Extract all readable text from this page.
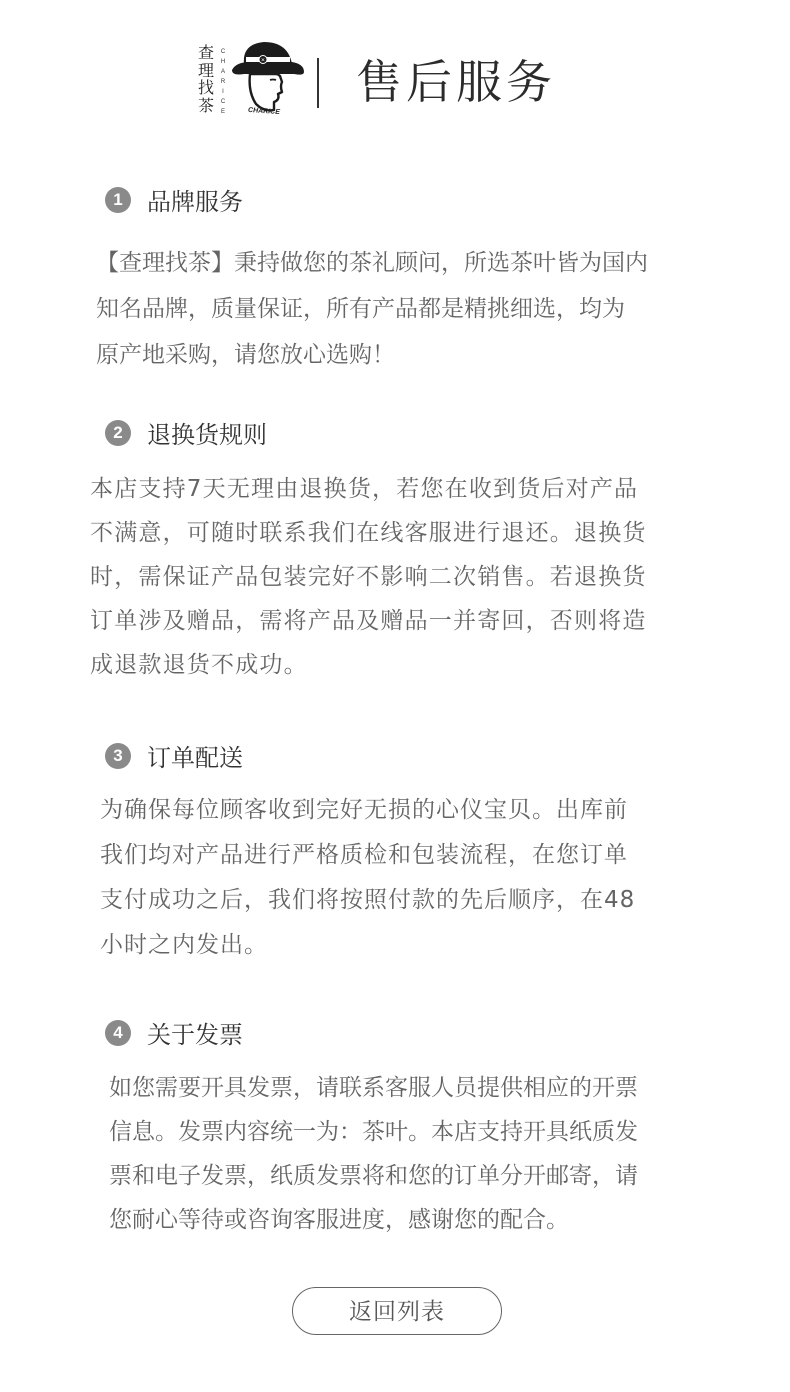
查
理
找
茶
C
H
A
R
I
C
E
✕
CHARICE
售后服务
1	品牌服务
【查理找茶】秉持做您的茶礼顾问，所选茶叶皆为国内
知名品牌，质量保证，所有产品都是精挑细选，均为
原产地采购，请您放心选购！
2	退换货规则
本店支持7天无理由退换货，若您在收到货后对产品
不满意，可随时联系我们在线客服进行退还。退换货
时，需保证产品包装完好不影响二次销售。若退换货
订单涉及赠品，需将产品及赠品一并寄回，否则将造
成退款退货不成功。
3	订单配送
为确保每位顾客收到完好无损的心仪宝贝。出库前
我们均对产品进行严格质检和包装流程，在您订单
支付成功之后，我们将按照付款的先后顺序，在48
小时之内发出。
4	关于发票
如您需要开具发票，请联系客服人员提供相应的开票
信息。发票内容统一为：茶叶。本店支持开具纸质发
票和电子发票，纸质发票将和您的订单分开邮寄，请
您耐心等待或咨询客服进度，感谢您的配合。
返回列表
